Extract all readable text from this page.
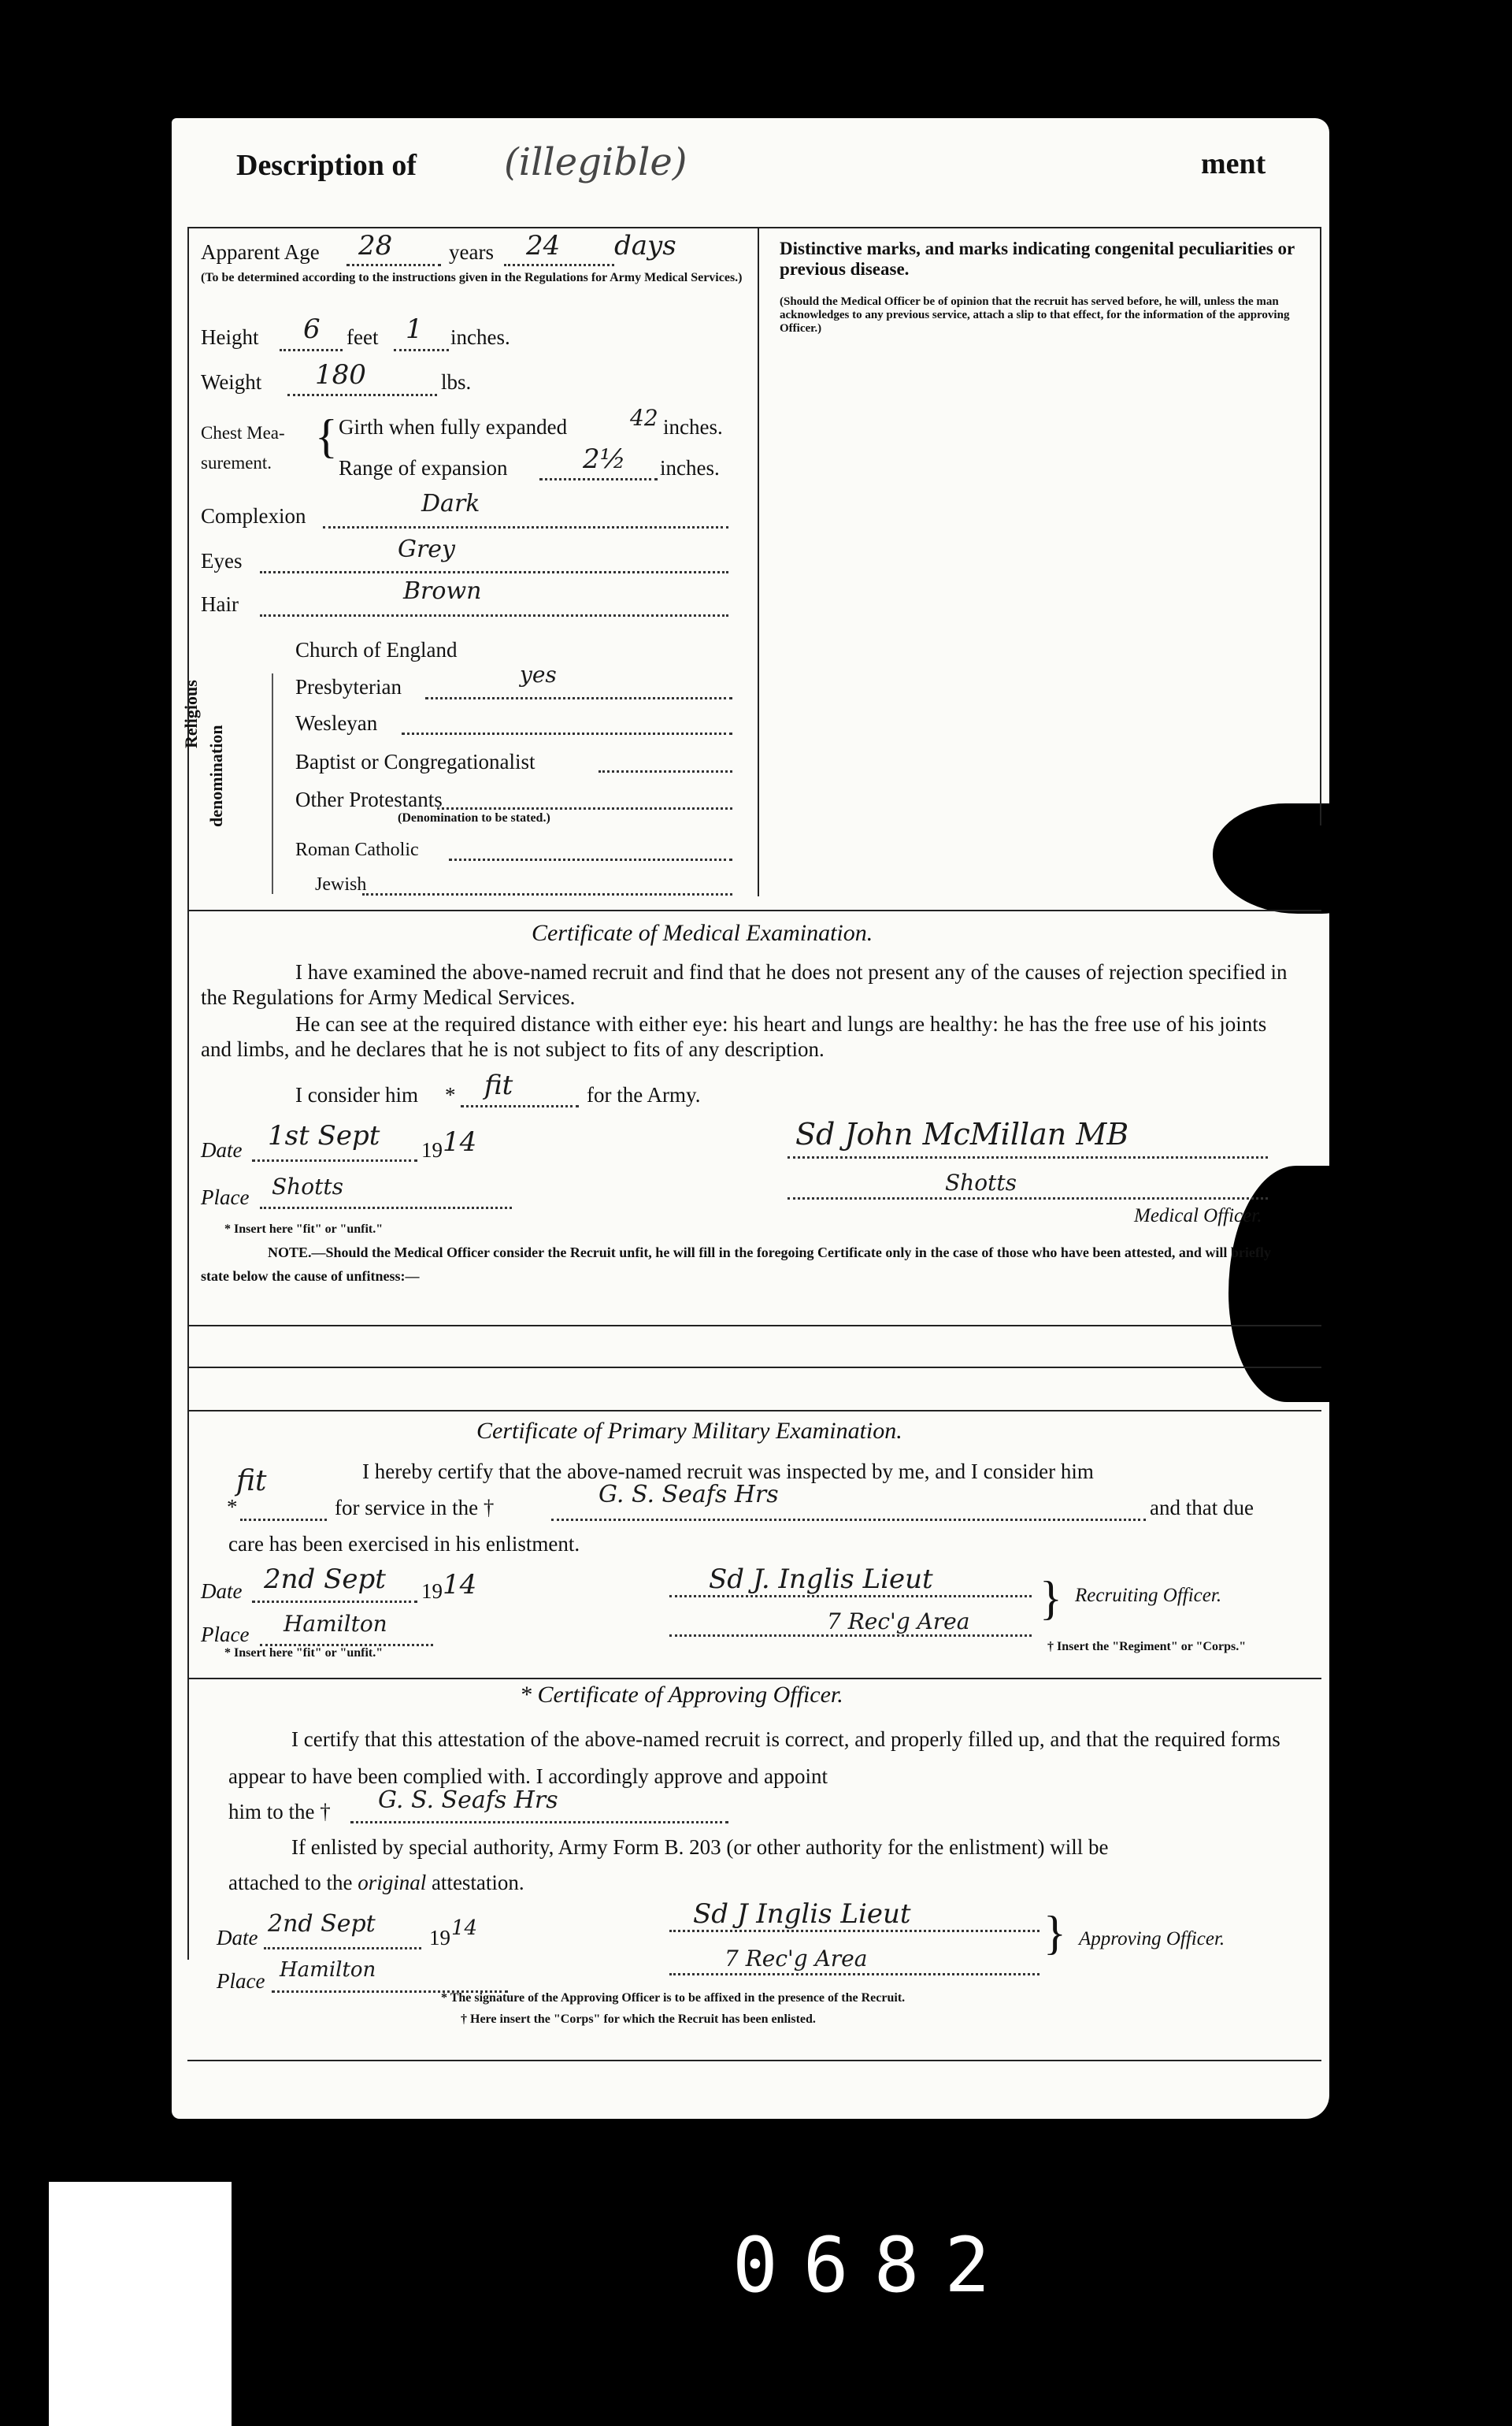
Description of (illegible)	ment
Apparent Age 28	years 24 days
(To be determined according to the instructions given in the Regulations for Army Medical Services.)
Height 6 feet 1 inches.
Weight 180	lbs.
Chest Mea-
surement.
{ Girth when fully expanded	42 inches.
Range of expansion	2½ inches.
Complexion	Dark
Eyes	Grey
Hair	Brown
Religious
denomination
Church of England
Presbyterian	yes
Wesleyan
Baptist or Congregationalist
Other Protestants
(Denomination to be stated.)
Roman Catholic
Jewish
Distinctive marks, and marks indicating congenital peculiarities or previous disease.
(Should the Medical Officer be of opinion that the recruit has served before, he will, unless the man acknowledges to any previous service, attach a slip to that effect, for the information of the approving Officer.)
Certificate of Medical Examination.
I have examined the above-named recruit and find that he does not present any of the causes of rejection specified in the Regulations for Army Medical Services.
He can see at the required distance with either eye: his heart and lungs are healthy: he has the free use of his joints and limbs, and he declares that he is not subject to fits of any description.
I consider him * fit	for the Army.
Date 1st Sept 19 14
Place Shotts
Sd John McMillan MB
Shotts
Medical Officer.
* Insert here "fit" or "unfit."
NOTE.—Should the Medical Officer consider the Recruit unfit, he will fill in the foregoing Certificate only in the case of those who have been attested, and will briefly state below the cause of unfitness:—
Certificate of Primary Military Examination.
fit	I hereby certify that the above-named recruit was inspected by me, and I consider him
*	for service in the †	G. S. Seafs Hrs	and that due
care has been exercised in his enlistment.
Date 2nd Sept 19 14
Place Hamilton
* Insert here "fit" or "unfit."
Sd J. Inglis Lieut
7 Rec'g Area } Recruiting Officer.
† Insert the "Regiment" or "Corps."
* Certificate of Approving Officer.
I certify that this attestation of the above-named recruit is correct, and properly filled up, and that the required forms appear to have been complied with. I accordingly approve and appoint
him to the † G. S. Seafs Hrs
If enlisted by special authority, Army Form B. 203 (or other authority for the enlistment) will be
attached to the original attestation.
Date 2nd Sept	19 14
Place Hamilton
Sd J Inglis Lieut
7 Rec'g Area	} Approving Officer.
* The signature of the Approving Officer is to be affixed in the presence of the Recruit.
† Here insert the "Corps" for which the Recruit has been enlisted.
0682
